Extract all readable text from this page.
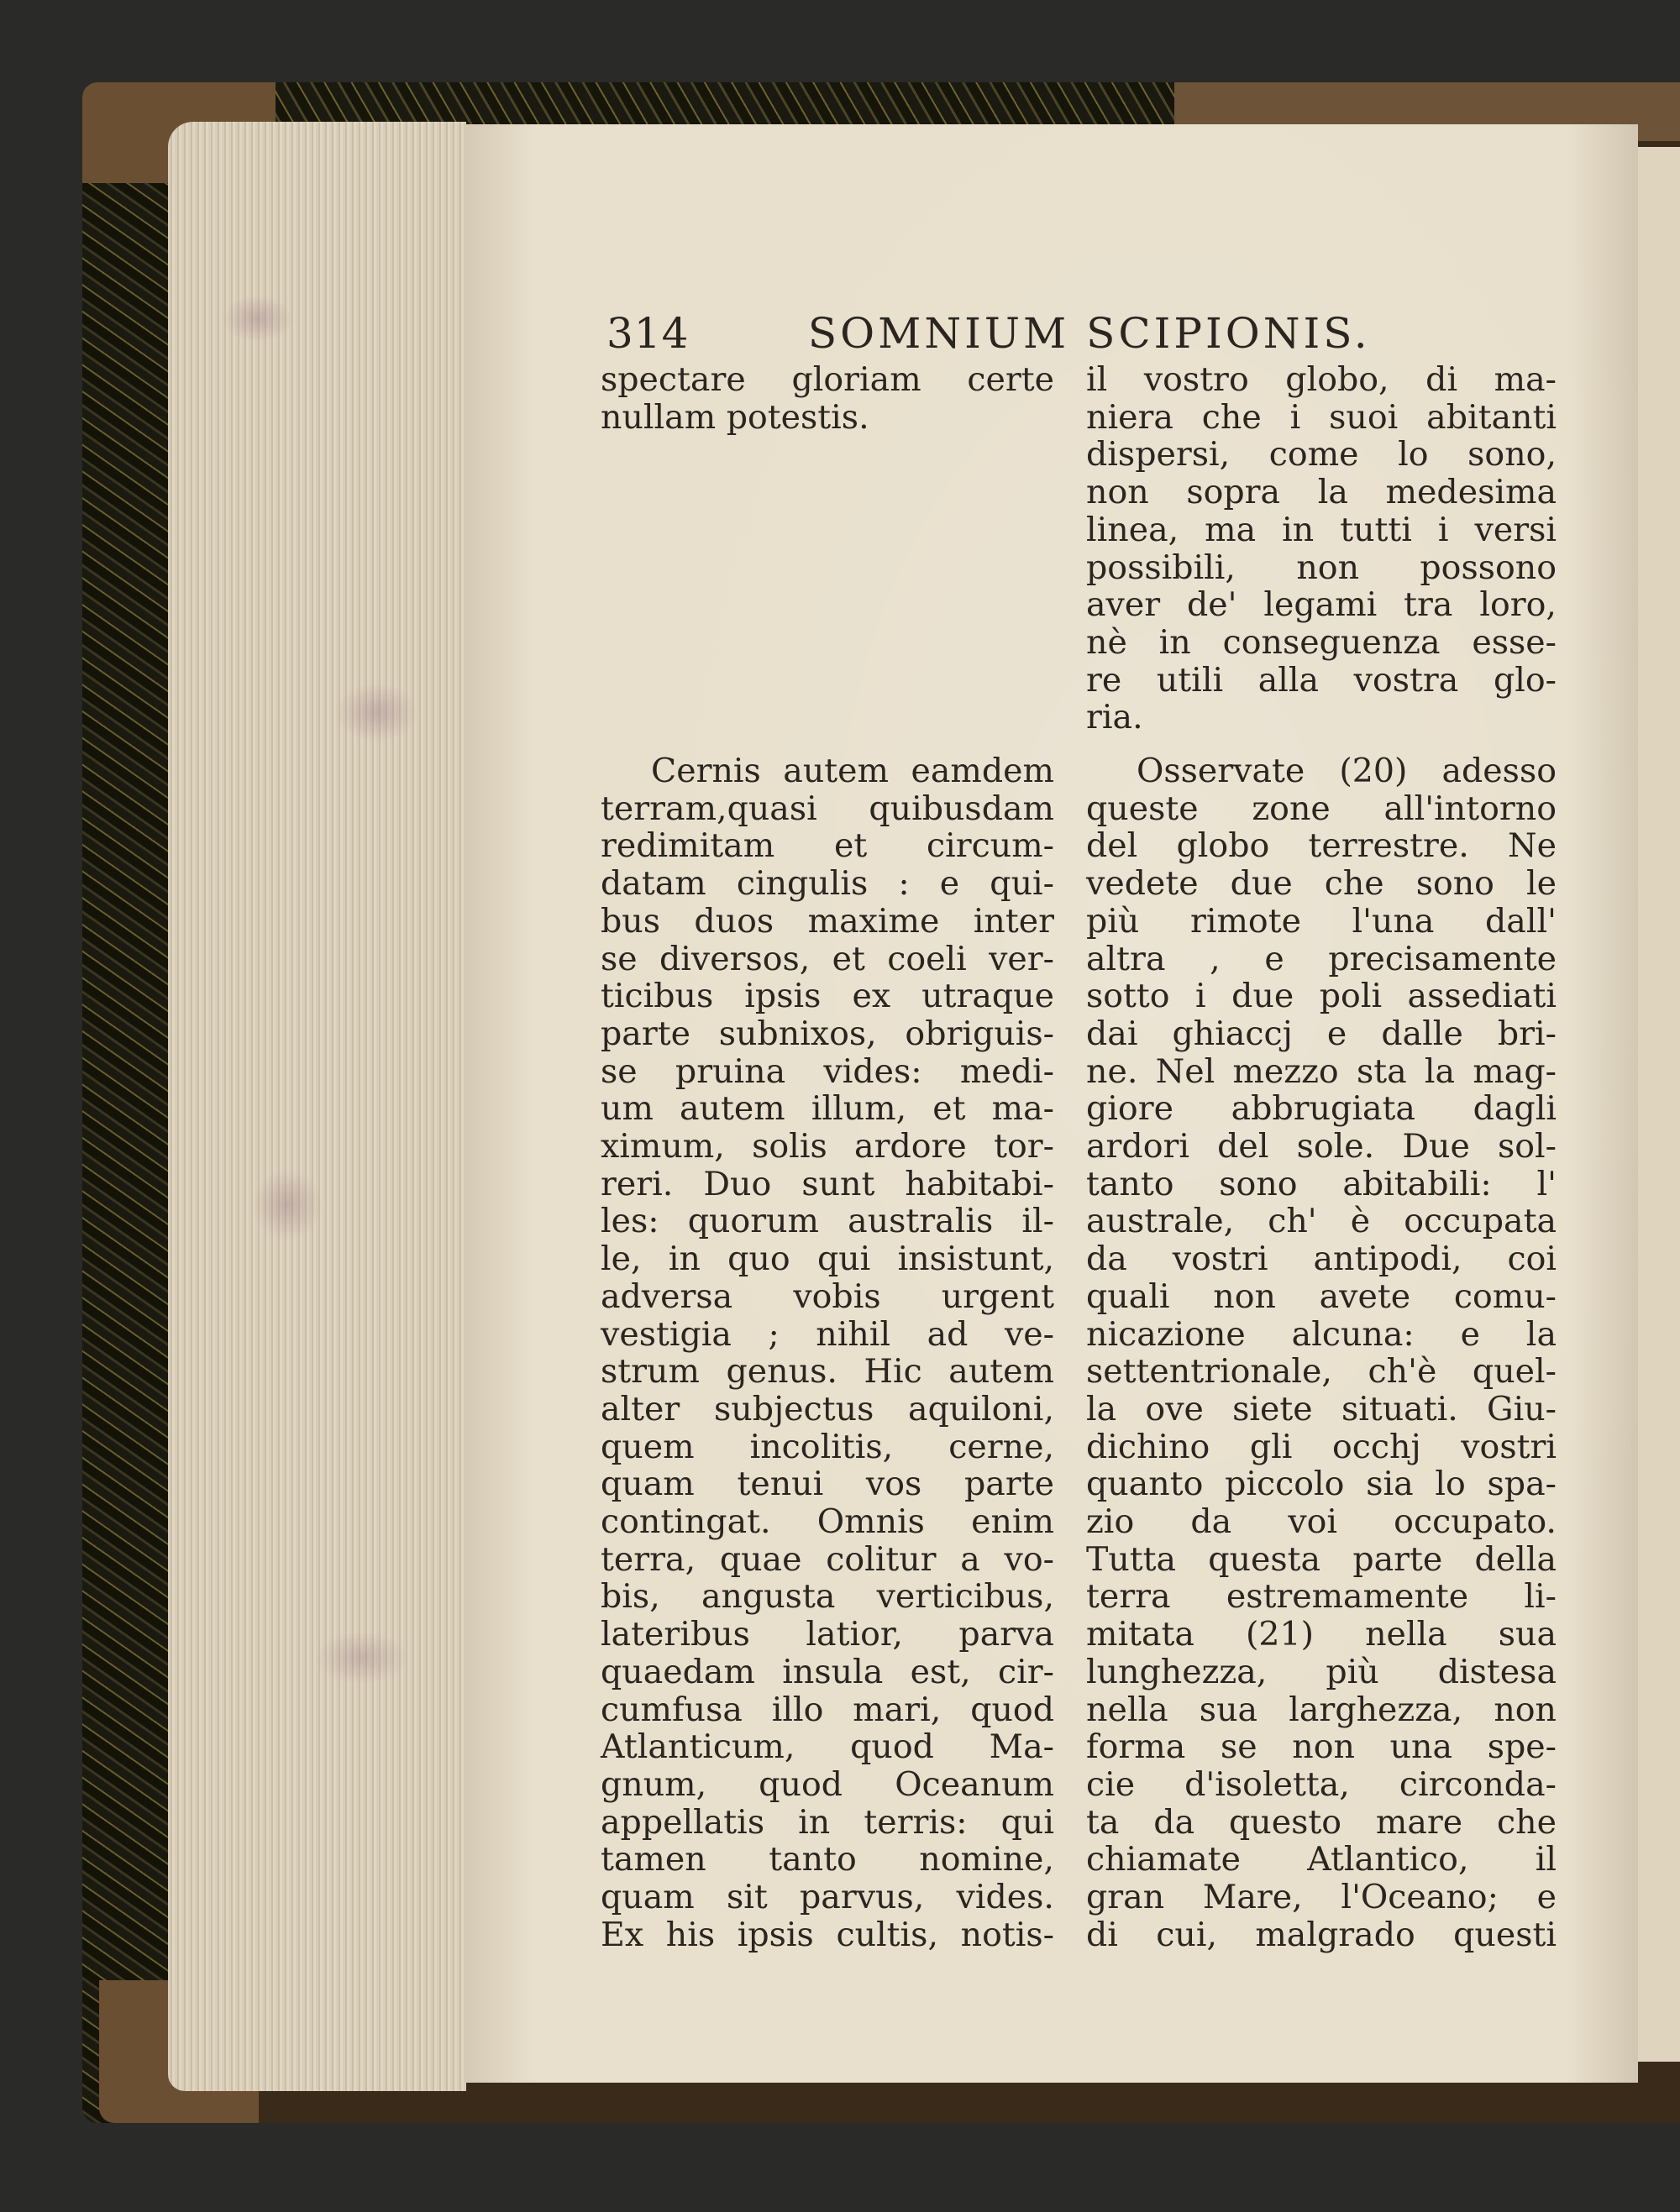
314	SOMNIUM SCIPIONIS.
spectare gloriam certe
nullam potestis.
Cernis autem eamdem
terram,quasi quibusdam
redimitam et circum-
datam cingulis : e qui-
bus duos maxime inter
se diversos, et coeli ver-
ticibus ipsis ex utraque
parte subnixos, obriguis-
se pruina vides: medi-
um autem illum, et ma-
ximum, solis ardore tor-
reri. Duo sunt habitabi-
les: quorum australis il-
le, in quo qui insistunt,
adversa vobis urgent
vestigia ; nihil ad ve-
strum genus. Hic autem
alter subjectus aquiloni,
quem incolitis, cerne,
quam tenui vos parte
contingat. Omnis enim
terra, quae colitur a vo-
bis, angusta verticibus,
lateribus latior, parva
quaedam insula est, cir-
cumfusa illo mari, quod
Atlanticum, quod Ma-
gnum, quod Oceanum
appellatis in terris: qui
tamen tanto nomine,
quam sit parvus, vides.
Ex his ipsis cultis, notis-
il vostro globo, di ma-
niera che i suoi abitanti
dispersi, come lo sono,
non sopra la medesima
linea, ma in tutti i versi
possibili, non possono
aver de' legami tra loro,
nè in conseguenza esse-
re utili alla vostra glo-
ria.
Osservate (20) adesso
queste zone all'intorno
del globo terrestre. Ne
vedete due che sono le
più rimote l'una dall'
altra , e precisamente
sotto i due poli assediati
dai ghiaccj e dalle bri-
ne. Nel mezzo sta la mag-
giore abbrugiata dagli
ardori del sole. Due sol-
tanto sono abitabili: l'
australe, ch' è occupata
da vostri antipodi, coi
quali non avete comu-
nicazione alcuna: e la
settentrionale, ch'è quel-
la ove siete situati. Giu-
dichino gli occhj vostri
quanto piccolo sia lo spa-
zio da voi occupato.
Tutta questa parte della
terra estremamente li-
mitata (21) nella sua
lunghezza, più distesa
nella sua larghezza, non
forma se non una spe-
cie d'isoletta, circonda-
ta da questo mare che
chiamate Atlantico, il
gran Mare, l'Oceano; e
di cui, malgrado questi
